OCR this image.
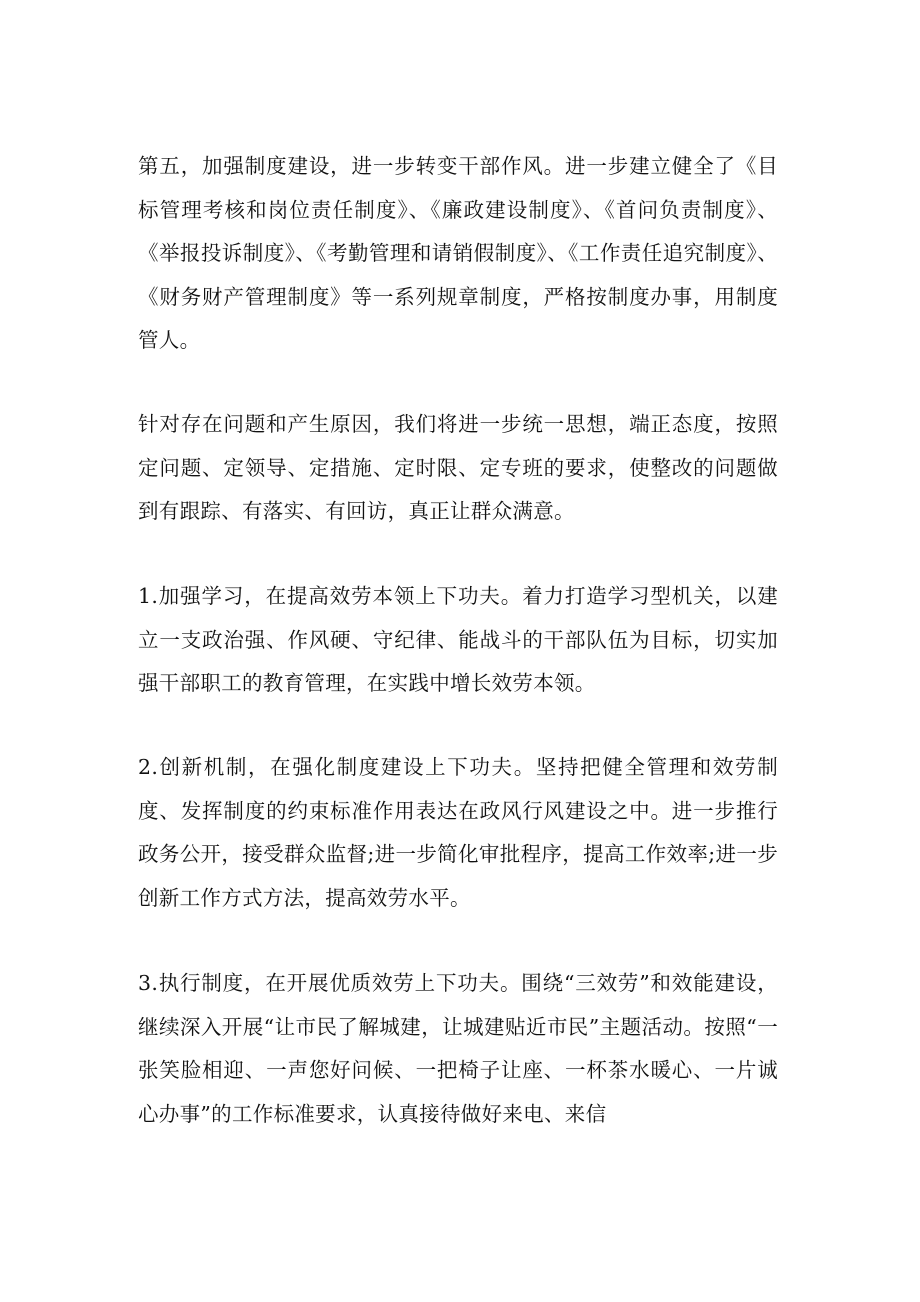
第五，加强制度建设，进一步转变干部作风。进一步建立健全了《目标管理考核和岗位责任制度》、《廉政建设制度》、《首问负责制度》、《举报投诉制度》、《考勤管理和请销假制度》、《工作责任追究制度》、《财务财产管理制度》等一系列规章制度，严格按制度办事，用制度管人。

针对存在问题和产生原因，我们将进一步统一思想，端正态度，按照定问题、定领导、定措施、定时限、定专班的要求，使整改的问题做到有跟踪、有落实、有回访，真正让群众满意。

1.加强学习，在提高效劳本领上下功夫。着力打造学习型机关，以建立一支政治强、作风硬、守纪律、能战斗的干部队伍为目标，切实加强干部职工的教育管理，在实践中增长效劳本领。

2.创新机制，在强化制度建设上下功夫。坚持把健全管理和效劳制度、发挥制度的约束标准作用表达在政风行风建设之中。进一步推行政务公开，接受群众监督;进一步简化审批程序，提高工作效率;进一步创新工作方式方法，提高效劳水平。

3.执行制度，在开展优质效劳上下功夫。围绕“三效劳”和效能建设，继续深入开展“让市民了解城建，让城建贴近市民”主题活动。按照“一张笑脸相迎、一声您好问候、一把椅子让座、一杯茶水暖心、一片诚心办事”的工作标准要求，认真接待做好来电、来信
